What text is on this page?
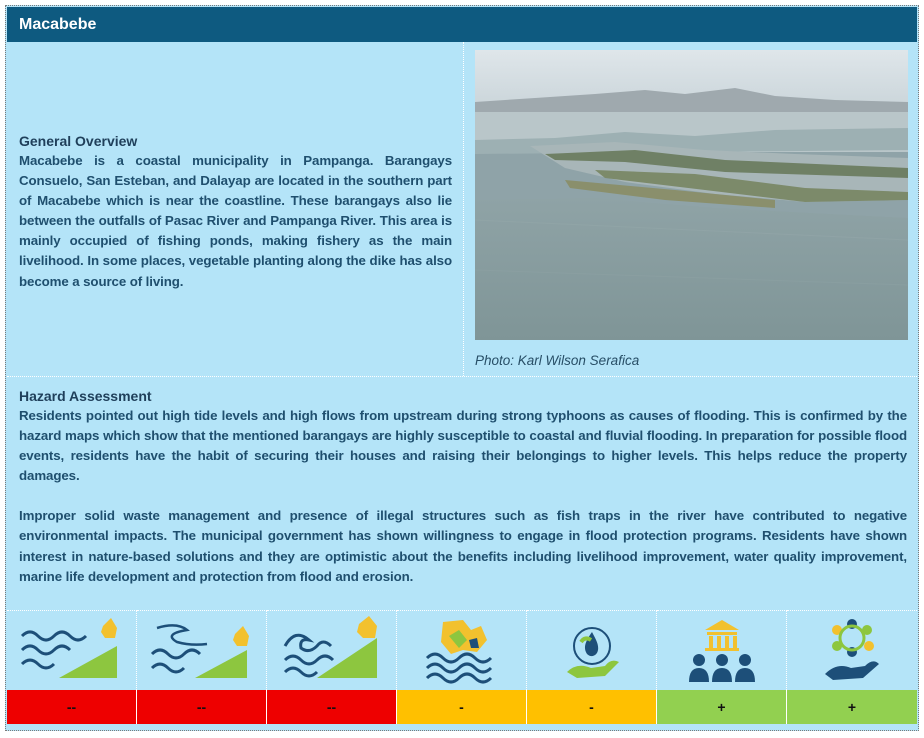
Macabebe
General Overview

Macabebe is a coastal municipality in Pampanga. Barangays Consuelo, San Esteban, and Dalayap are located in the southern part of Macabebe which is near the coastline. These barangays also lie between the outfalls of Pasac River and Pampanga River. This area is mainly occupied of fishing ponds, making fishery as the main livelihood. In some places, vegetable planting along the dike has also become a source of living.

Photo: Karl Wilson Serafica
Hazard Assessment

Residents pointed out high tide levels and high flows from upstream during strong typhoons as causes of flooding. This is confirmed by the hazard maps which show that the mentioned barangays are highly susceptible to coastal and fluvial flooding. In preparation for possible flood events, residents have the habit of securing their houses and raising their belongings to higher levels. This helps reduce the property damages.

Improper solid waste management and presence of illegal structures such as fish traps in the river have contributed to negative environmental impacts. The municipal government has shown willingness to engage in flood protection programs. Residents have shown interest in nature-based solutions and they are optimistic about the benefits including livelihood improvement, water quality improvement, marine life development and protection from flood and erosion.

--	--	--	-	-	+	+
